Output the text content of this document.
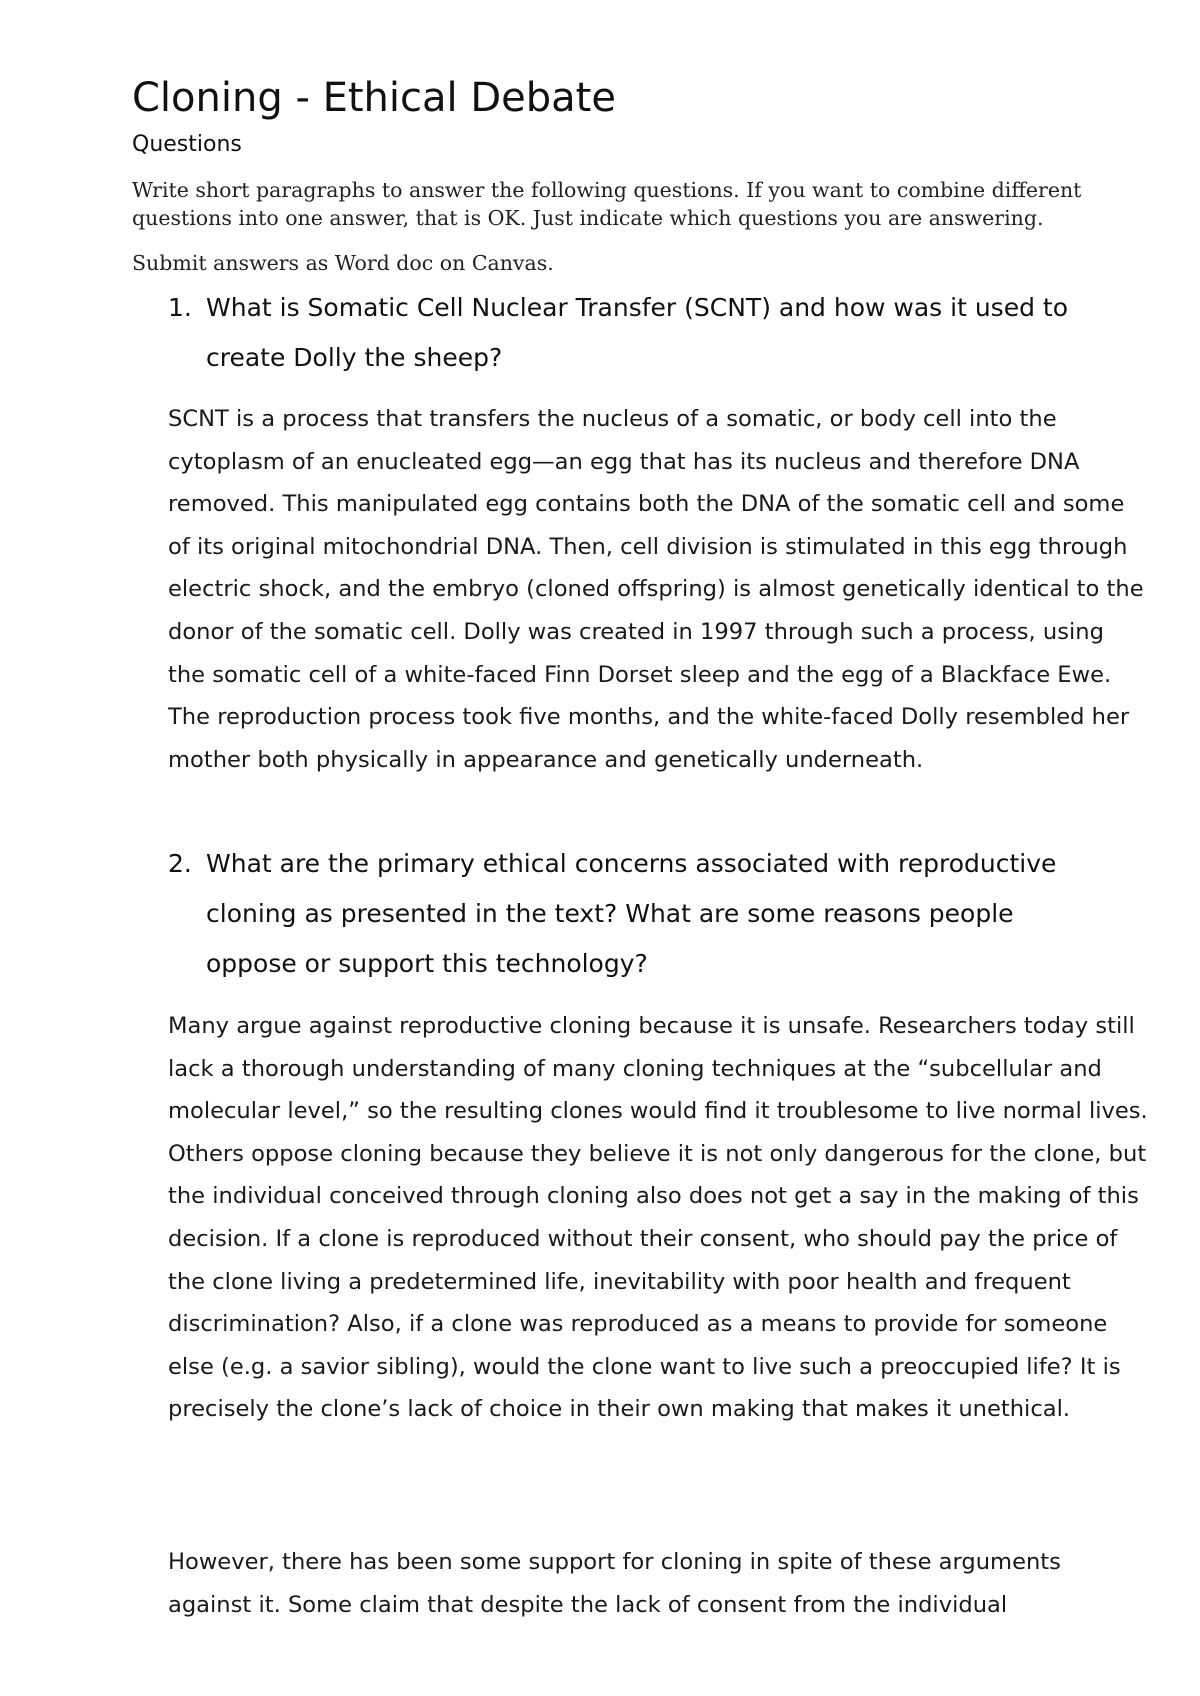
Cloning - Ethical Debate
Questions

Write short paragraphs to answer the following questions. If you want to combine different questions into one answer, that is OK. Just indicate which questions you are answering.

Submit answers as Word doc on Canvas.

1. What is Somatic Cell Nuclear Transfer (SCNT) and how was it used to create Dolly the sheep?

SCNT is a process that transfers the nucleus of a somatic, or body cell into the cytoplasm of an enucleated egg—an egg that has its nucleus and therefore DNA removed. This manipulated egg contains both the DNA of the somatic cell and some of its original mitochondrial DNA. Then, cell division is stimulated in this egg through electric shock, and the embryo (cloned offspring) is almost genetically identical to the donor of the somatic cell. Dolly was created in 1997 through such a process, using the somatic cell of a white-faced Finn Dorset sleep and the egg of a Blackface Ewe. The reproduction process took five months, and the white-faced Dolly resembled her mother both physically in appearance and genetically underneath.

2. What are the primary ethical concerns associated with reproductive cloning as presented in the text? What are some reasons people oppose or support this technology?

Many argue against reproductive cloning because it is unsafe. Researchers today still lack a thorough understanding of many cloning techniques at the “subcellular and molecular level,” so the resulting clones would find it troublesome to live normal lives. Others oppose cloning because they believe it is not only dangerous for the clone, but the individual conceived through cloning also does not get a say in the making of this decision. If a clone is reproduced without their consent, who should pay the price of the clone living a predetermined life, inevitability with poor health and frequent discrimination? Also, if a clone was reproduced as a means to provide for someone else (e.g. a savior sibling), would the clone want to live such a preoccupied life? It is precisely the clone’s lack of choice in their own making that makes it unethical.

However, there has been some support for cloning in spite of these arguments against it. Some claim that despite the lack of consent from the individual
